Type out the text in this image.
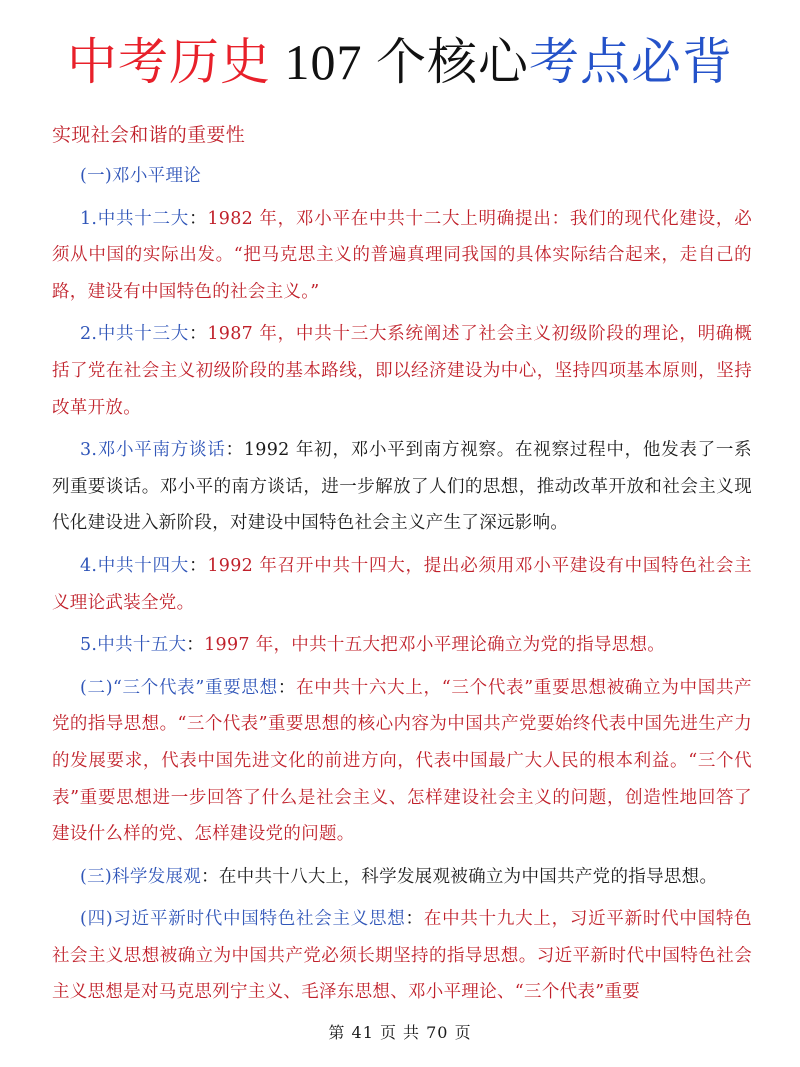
中考历史 107 个核心考点必背
实现社会和谐的重要性

(一)邓小平理论

1.中共十二大：1982 年，邓小平在中共十二大上明确提出：我们的现代化建设，必须从中国的实际出发。“把马克思主义的普遍真理同我国的具体实际结合起来，走自己的路，建设有中国特色的社会主义。”

2.中共十三大：1987 年，中共十三大系统阐述了社会主义初级阶段的理论，明确概括了党在社会主义初级阶段的基本路线，即以经济建设为中心，坚持四项基本原则，坚持改革开放。

3.邓小平南方谈话：1992 年初，邓小平到南方视察。在视察过程中，他发表了一系列重要谈话。邓小平的南方谈话，进一步解放了人们的思想，推动改革开放和社会主义现代化建设进入新阶段，对建设中国特色社会主义产生了深远影响。

4.中共十四大：1992 年召开中共十四大，提出必须用邓小平建设有中国特色社会主义理论武装全党。

5.中共十五大：1997 年，中共十五大把邓小平理论确立为党的指导思想。

(二)“三个代表”重要思想：在中共十六大上，“三个代表”重要思想被确立为中国共产党的指导思想。“三个代表”重要思想的核心内容为中国共产党要始终代表中国先进生产力的发展要求，代表中国先进文化的前进方向，代表中国最广大人民的根本利益。“三个代表”重要思想进一步回答了什么是社会主义、怎样建设社会主义的问题，创造性地回答了建设什么样的党、怎样建设党的问题。

(三)科学发展观：在中共十八大上，科学发展观被确立为中国共产党的指导思想。

(四)习近平新时代中国特色社会主义思想：在中共十九大上，习近平新时代中国特色社会主义思想被确立为中国共产党必须长期坚持的指导思想。习近平新时代中国特色社会主义思想是对马克思列宁主义、毛泽东思想、邓小平理论、“三个代表”重要

第 41 页 共 70 页
